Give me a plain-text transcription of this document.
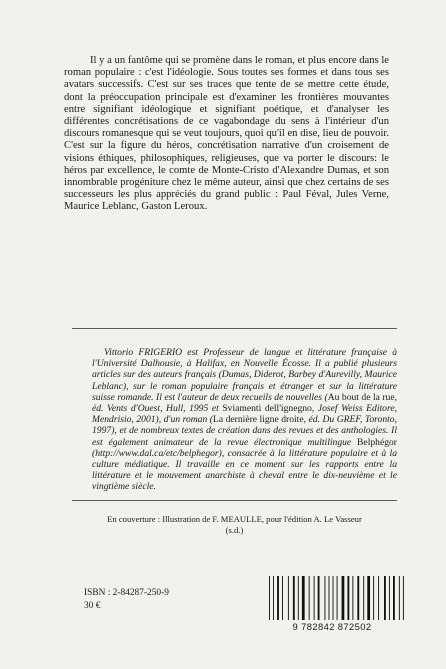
Il y a un fantôme qui se promène dans le roman, et plus encore dans le roman populaire : c'est l'idéologie. Sous toutes ses formes et dans tous ses avatars successifs. C'est sur ses traces que tente de se mettre cette étude, dont la préoccupation principale est d'examiner les frontières mouvantes entre signifiant idéologique et signifiant poétique, et d'analyser les différentes concrétisations de ce vagabondage du sens à l'intérieur d'un discours romanesque qui se veut toujours, quoi qu'il en dise, lieu de pouvoir. C'est sur la figure du héros, concrétisation narrative d'un croisement de visions éthiques, philosophiques, religieuses, que va porter le discours: le héros par excellence, le comte de Monte-Cristo d'Alexandre Dumas, et son innombrable progéniture chez le même auteur, ainsi que chez certains de ses successeurs les plus appréciés du grand public : Paul Féval, Jules Verne, Maurice Leblanc, Gaston Leroux.

Vittorio FRIGERIO est Professeur de langue et littérature française à l'Université Dalhousie, à Halifax, en Nouvelle Écosse. Il a publié plusieurs articles sur des auteurs français (Dumas, Diderot, Barbey d'Aurevilly, Maurice Leblanc), sur le roman populaire français et étranger et sur la littérature suisse romande. Il est l'auteur de deux recueils de nouvelles (Au bout de la rue, éd. Vents d'Ouest, Hull, 1995 et Sviamenti dell'ignegno, Josef Weiss Editore, Mendrisio, 2001), d'un roman (La dernière ligne droite, éd. Du GREF, Toronto, 1997), et de nombreux textes de création dans des revues et des anthologies. Il est également animateur de la revue électronique multilingue Belphégor (http://www.dal.ca/etc/belphegor), consacrée à la littérature populaire et à la culture médiatique. Il travaille en ce moment sur les rapports entre la littérature et le mouvement anarchiste à cheval entre le dix-neuvième et le vingtième siècle.

En couverture : Illustration de F. MEAULLE, pour l'édition A. Le Vasseur
(s.d.)
ISBN : 2-84287-250-9
30 €
9 782842 872502
